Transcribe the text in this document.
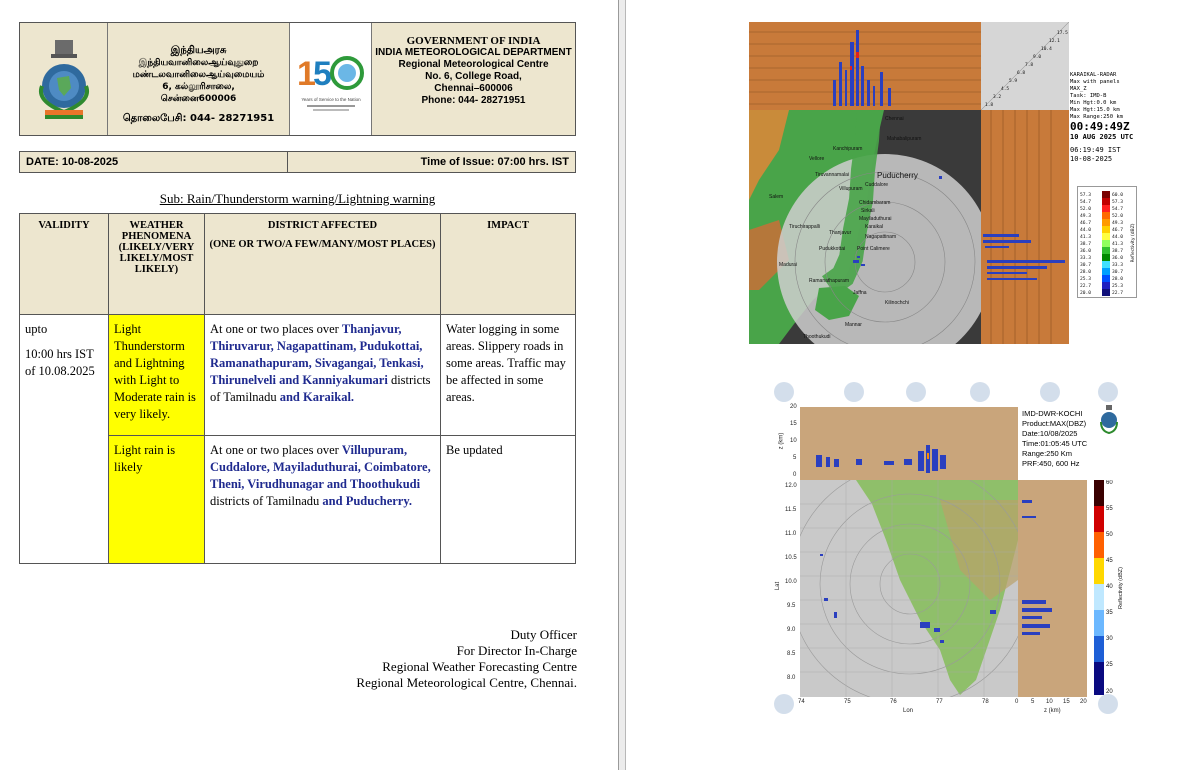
இந்தியஅரசு
இந்தியவானிலைஆய்வுதுறை
மண்டலவானிலைஆய்வுமையம்
6, கல்லூரிசாலை,
சென்னை600006
தொலைபேசி: 044- 28271951
1
5
Years of Service to the Nation
GOVERNMENT OF INDIA
INDIA METEOROLOGICAL DEPARTMENT
Regional Meteorological Centre
No. 6, College Road,
Chennai–600006
Phone: 044- 28271951
DATE: 10-08-2025	Time of Issue: 07:00 hrs. IST
Sub: Rain/Thunderstorm warning/Lightning warning
VALIDITY	WEATHER PHENOMENA (LIKELY/VERY LIKELY/MOST LIKELY)	DISTRICT AFFECTED
(ONE OR TWO/A FEW/MANY/MOST PLACES)	IMPACT

upto
10:00 hrs IST of 10.08.2025	Light Thunderstorm and Lightning with Light to Moderate rain is very likely.	At one or two places over Thanjavur, Thiruvarur, Nagapattinam, Pudukottai, Ramanathapuram, Sivagangai, Tenkasi, Thirunelveli and Kanniyakumari districts of Tamilnadu and Karaikal.	Water logging in some areas. Slippery roads in some areas. Traffic may be affected in some areas.
	Light rain is likely	At one or two places over Villupuram, Cuddalore, Mayiladuthurai, Coimbatore, Theni, Virudhunagar and Thoothukudi districts of Tamilnadu and Puducherry.	Be updated
Duty Officer
For Director In-Charge
Regional Weather Forecasting Centre
Regional Meteorological Centre, Chennai.
17.5
12.1
10.4
9.0
7.8
6.8
5.9
4.5
3.2
1.8
Chennai
Mahabalipuram
Puducherry
Cuddalore
Chidambaram
Sirkali
Mayiladuthurai
Karaikal
Nagapattinam
Point Calimere
Jaffna
Kilinochchi
Mannar
Thoothukudi
Kanchipuram
Vellore
Tiruvannamalai
Villupuram
Salem
Tiruchirappalli
Thanjavur
Pudukkottai
Madurai
Ramanathapuram
KARAIKAL-RADAR
Max with panels
MAX_Z
Task: IMD-B
Min Hgt:0.0 km
Max Hgt:15.0 km
Max Range:250 km
00:49:49Z
10 AUG 2025 UTC
06:19:49 IST
10-08-2025
57.3	60.0
54.7	57.3
52.0	54.7
49.3	52.0
46.7	49.3
44.0	46.7
41.3	44.0
38.7	41.3
36.0	38.7
33.3	36.0
30.7	33.3
28.0	30.7
25.3	28.0
22.7	25.3
20.0	22.7
Reflectivity (dBZ)
IMD-DWR-KOCHI
Product:MAX(DBZ)
Date:10/08/2025
Time:01:05:45 UTC
Range:250 Km
PRF:450, 600 Hz
20
15
10
5
0
z (km)
12.0
11.5
11.0
10.5
10.0
9.5
9.0
8.5
8.0
Lat
74	75	76	77	78
Lon
0 5 10 15 20
z (km)
60
55
50
45
40
35
30
25
20
Reflectivity (dBZ)
